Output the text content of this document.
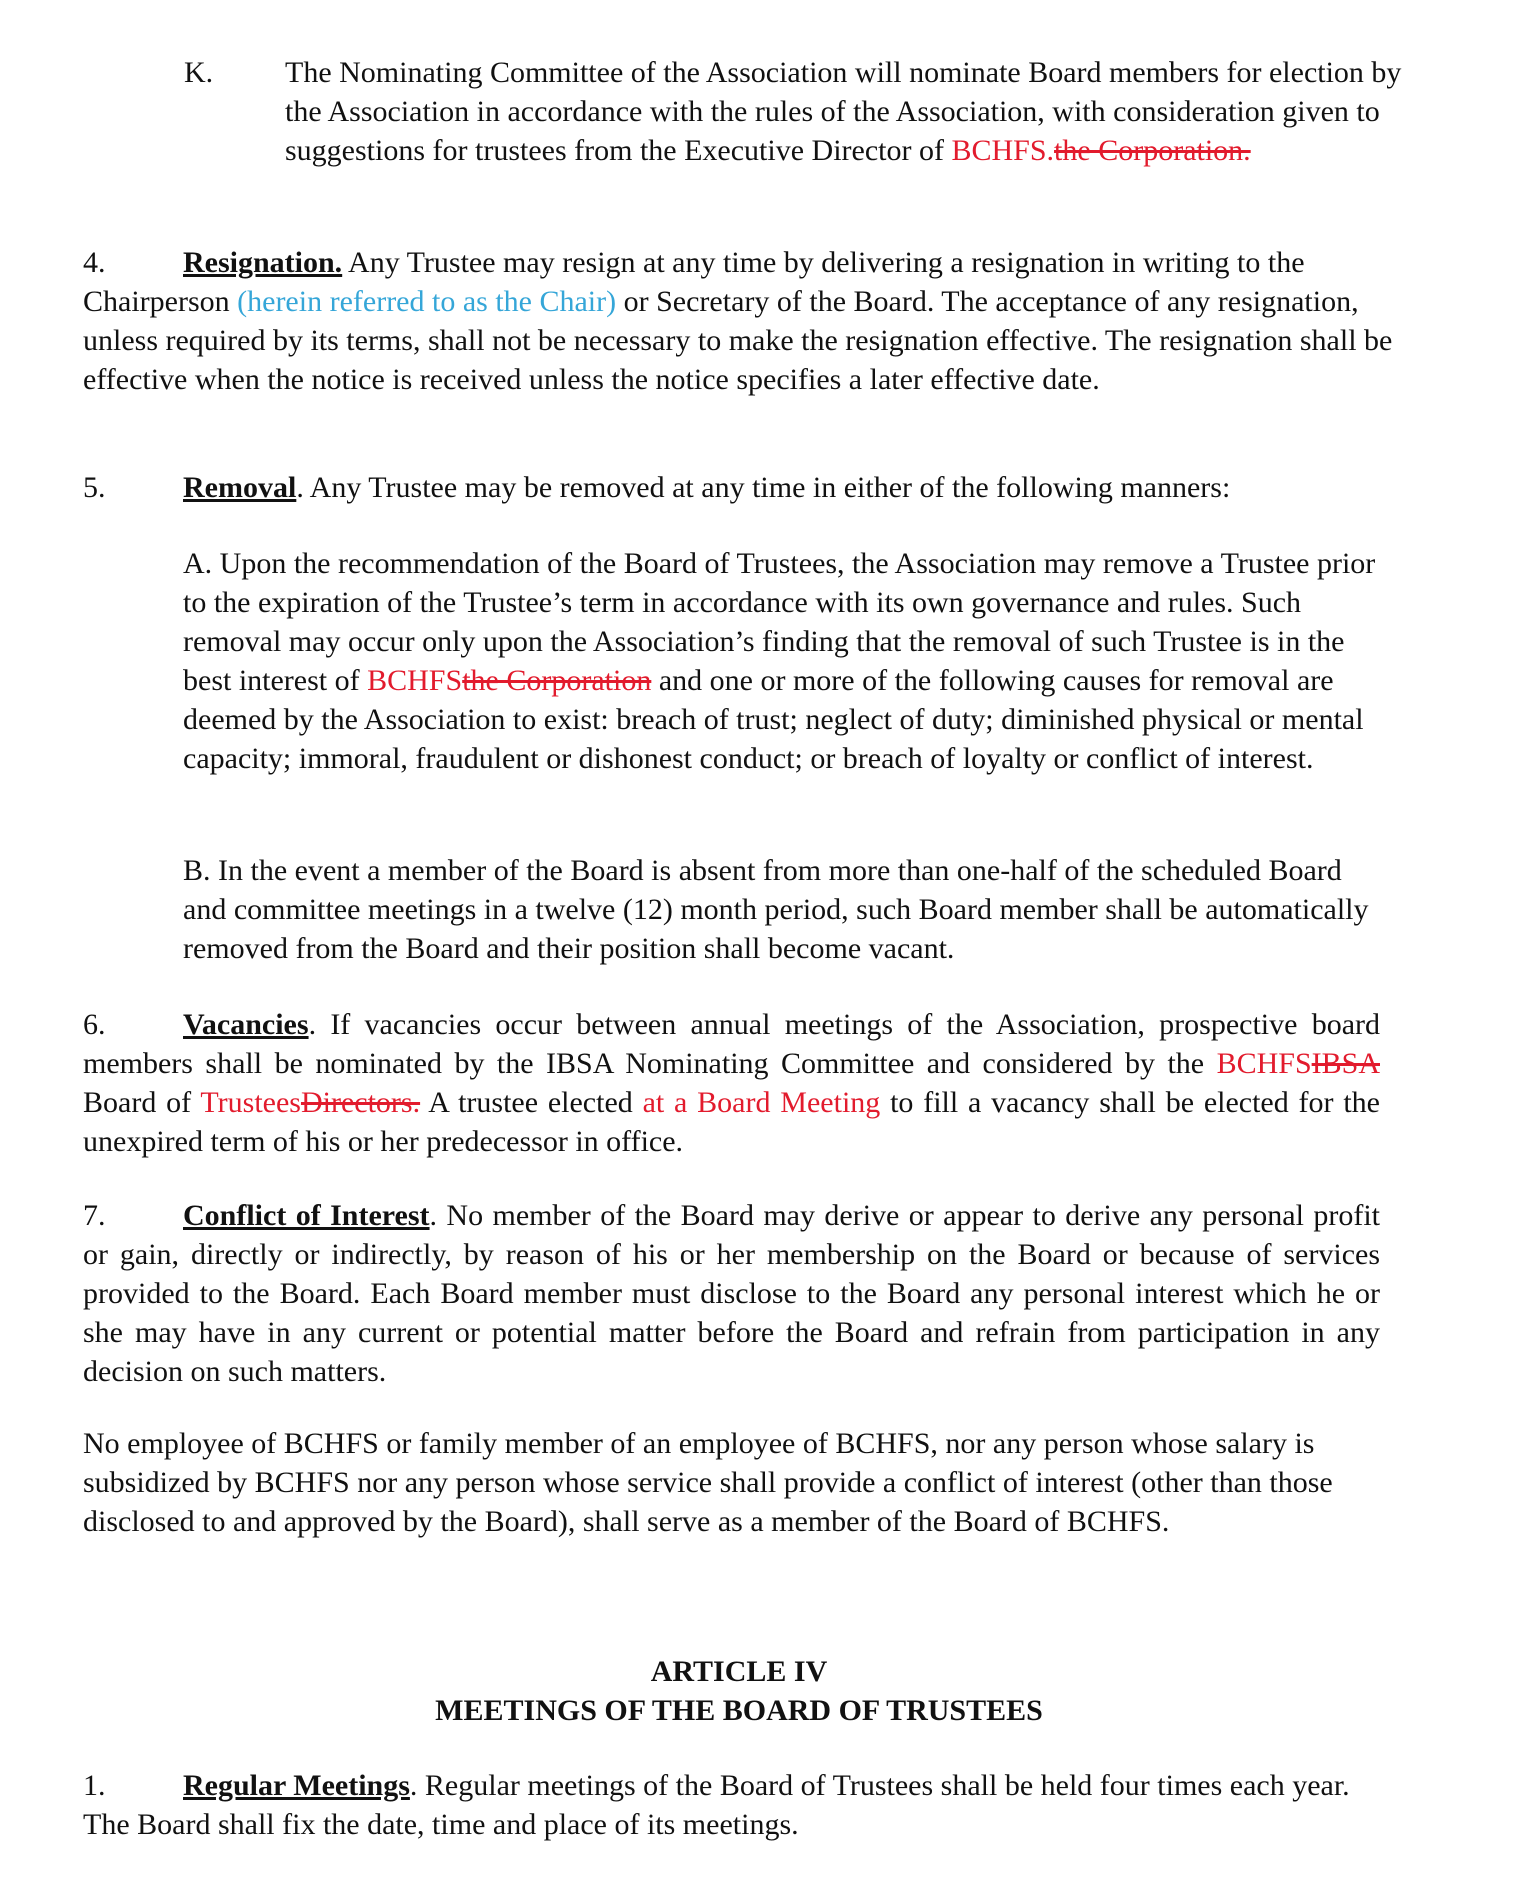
K. The Nominating Committee of the Association will nominate Board members for election by the Association in accordance with the rules of the Association, with consideration given to suggestions for trustees from the Executive Director of BCHFS.the Corporation.

4.	Resignation. Any Trustee may resign at any time by delivering a resignation in writing to the Chairperson (herein referred to as the Chair) or Secretary of the Board. The acceptance of any resignation, unless required by its terms, shall not be necessary to make the resignation effective. The resignation shall be effective when the notice is received unless the notice specifies a later effective date.

5.	Removal. Any Trustee may be removed at any time in either of the following manners:

A. Upon the recommendation of the Board of Trustees, the Association may remove a Trustee prior to the expiration of the Trustee’s term in accordance with its own governance and rules. Such removal may occur only upon the Association’s finding that the removal of such Trustee is in the best interest of BCHFSthe Corporation and one or more of the following causes for removal are deemed by the Association to exist: breach of trust; neglect of duty; diminished physical or mental capacity; immoral, fraudulent or dishonest conduct; or breach of loyalty or conflict of interest.

B. In the event a member of the Board is absent from more than one-half of the scheduled Board and committee meetings in a twelve (12) month period, such Board member shall be automatically removed from the Board and their position shall become vacant.

6.	Vacancies. If vacancies occur between annual meetings of the Association, prospective board members shall be nominated by the IBSA Nominating Committee and considered by the BCHFSIBSA Board of TrusteesDirectors. A trustee elected at a Board Meeting to fill a vacancy shall be elected for the unexpired term of his or her predecessor in office.

7.	Conflict of Interest. No member of the Board may derive or appear to derive any personal profit or gain, directly or indirectly, by reason of his or her membership on the Board or because of services provided to the Board. Each Board member must disclose to the Board any personal interest which he or she may have in any current or potential matter before the Board and refrain from participation in any decision on such matters.

No employee of BCHFS or family member of an employee of BCHFS, nor any person whose salary is subsidized by BCHFS nor any person whose service shall provide a conflict of interest (other than those disclosed to and approved by the Board), shall serve as a member of the Board of BCHFS.

ARTICLE IV
MEETINGS OF THE BOARD OF TRUSTEES

1.	Regular Meetings. Regular meetings of the Board of Trustees shall be held four times each year. The Board shall fix the date, time and place of its meetings.
